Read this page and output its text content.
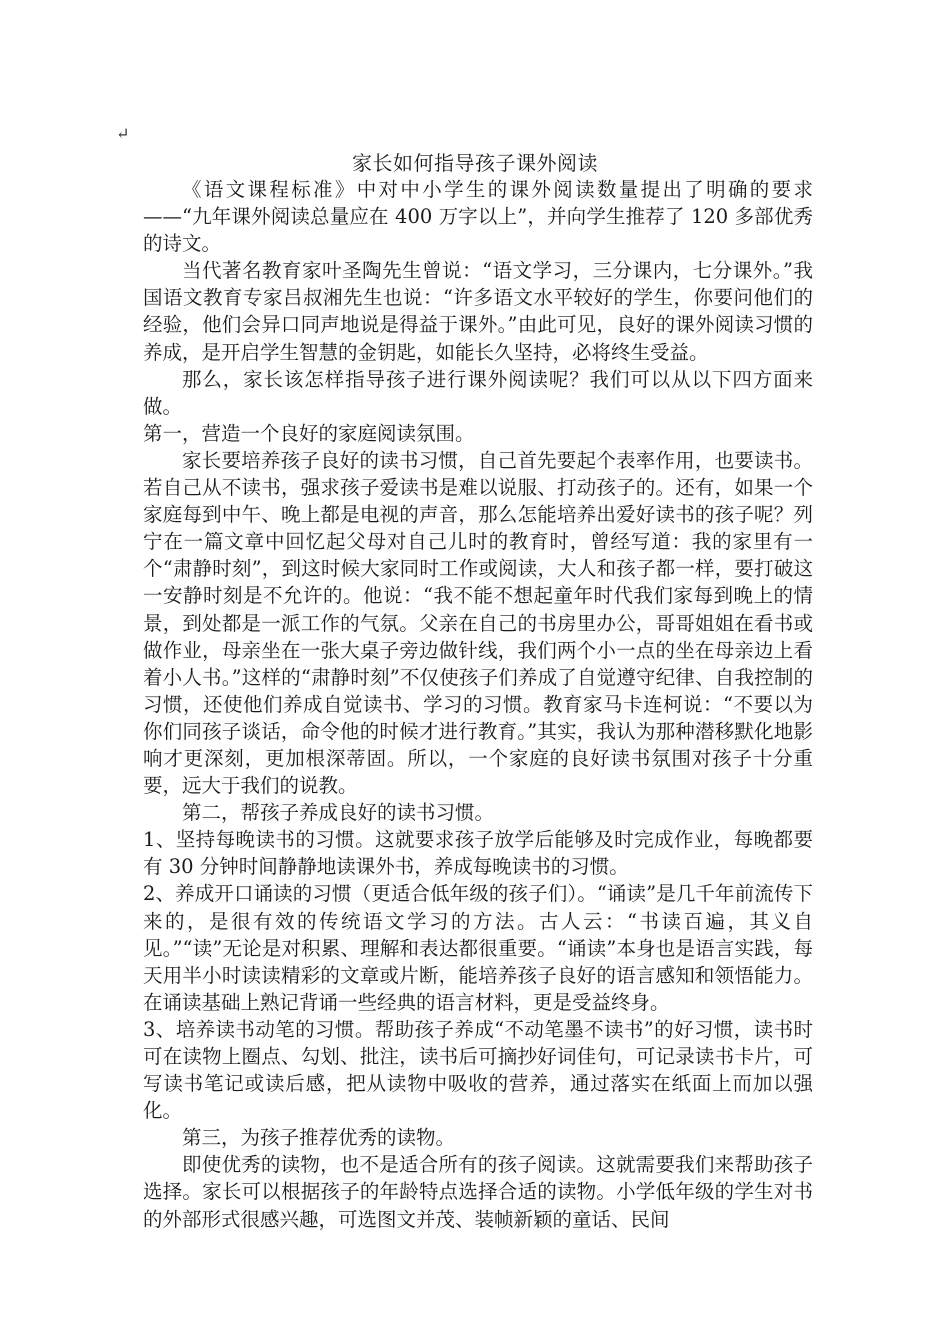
↵
家长如何指导孩子课外阅读

《语文课程标准》中对中小学生的课外阅读数量提出了明确的要求——“九年课外阅读总量应在 400 万字以上”，并向学生推荐了 120 多部优秀的诗文。

当代著名教育家叶圣陶先生曾说：“语文学习，三分课内，七分课外。”我国语文教育专家吕叔湘先生也说：“许多语文水平较好的学生，你要问他们的经验，他们会异口同声地说是得益于课外。”由此可见，良好的课外阅读习惯的养成，是开启学生智慧的金钥匙，如能长久坚持，必将终生受益。

那么，家长该怎样指导孩子进行课外阅读呢？我们可以从以下四方面来做。

第一，营造一个良好的家庭阅读氛围。

家长要培养孩子良好的读书习惯，自己首先要起个表率作用，也要读书。若自己从不读书，强求孩子爱读书是难以说服、打动孩子的。还有，如果一个家庭每到中午、晚上都是电视的声音，那么怎能培养出爱好读书的孩子呢？列宁在一篇文章中回忆起父母对自己儿时的教育时，曾经写道：我的家里有一个“肃静时刻”，到这时候大家同时工作或阅读，大人和孩子都一样，要打破这一安静时刻是不允许的。他说：“我不能不想起童年时代我们家每到晚上的情景，到处都是一派工作的气氛。父亲在自己的书房里办公，哥哥姐姐在看书或做作业，母亲坐在一张大桌子旁边做针线，我们两个小一点的坐在母亲边上看着小人书。”这样的“肃静时刻”不仅使孩子们养成了自觉遵守纪律、自我控制的习惯，还使他们养成自觉读书、学习的习惯。教育家马卡连柯说：“不要以为你们同孩子谈话，命令他的时候才进行教育。”其实，我认为那种潜移默化地影响才更深刻，更加根深蒂固。所以，一个家庭的良好读书氛围对孩子十分重要，远大于我们的说教。

第二，帮孩子养成良好的读书习惯。

1、坚持每晚读书的习惯。这就要求孩子放学后能够及时完成作业，每晚都要有 30 分钟时间静静地读课外书，养成每晚读书的习惯。

2、养成开口诵读的习惯（更适合低年级的孩子们）。“诵读”是几千年前流传下来的，是很有效的传统语文学习的方法。古人云：“书读百遍，其义自见。”“读”无论是对积累、理解和表达都很重要。“诵读”本身也是语言实践，每天用半小时读读精彩的文章或片断，能培养孩子良好的语言感知和领悟能力。在诵读基础上熟记背诵一些经典的语言材料，更是受益终身。

3、培养读书动笔的习惯。帮助孩子养成“不动笔墨不读书”的好习惯，读书时可在读物上圈点、勾划、批注，读书后可摘抄好词佳句，可记录读书卡片，可写读书笔记或读后感，把从读物中吸收的营养，通过落实在纸面上而加以强化。

第三，为孩子推荐优秀的读物。

即使优秀的读物，也不是适合所有的孩子阅读。这就需要我们来帮助孩子选择。家长可以根据孩子的年龄特点选择合适的读物。小学低年级的学生对书的外部形式很感兴趣，可选图文并茂、装帧新颖的童话、民间
